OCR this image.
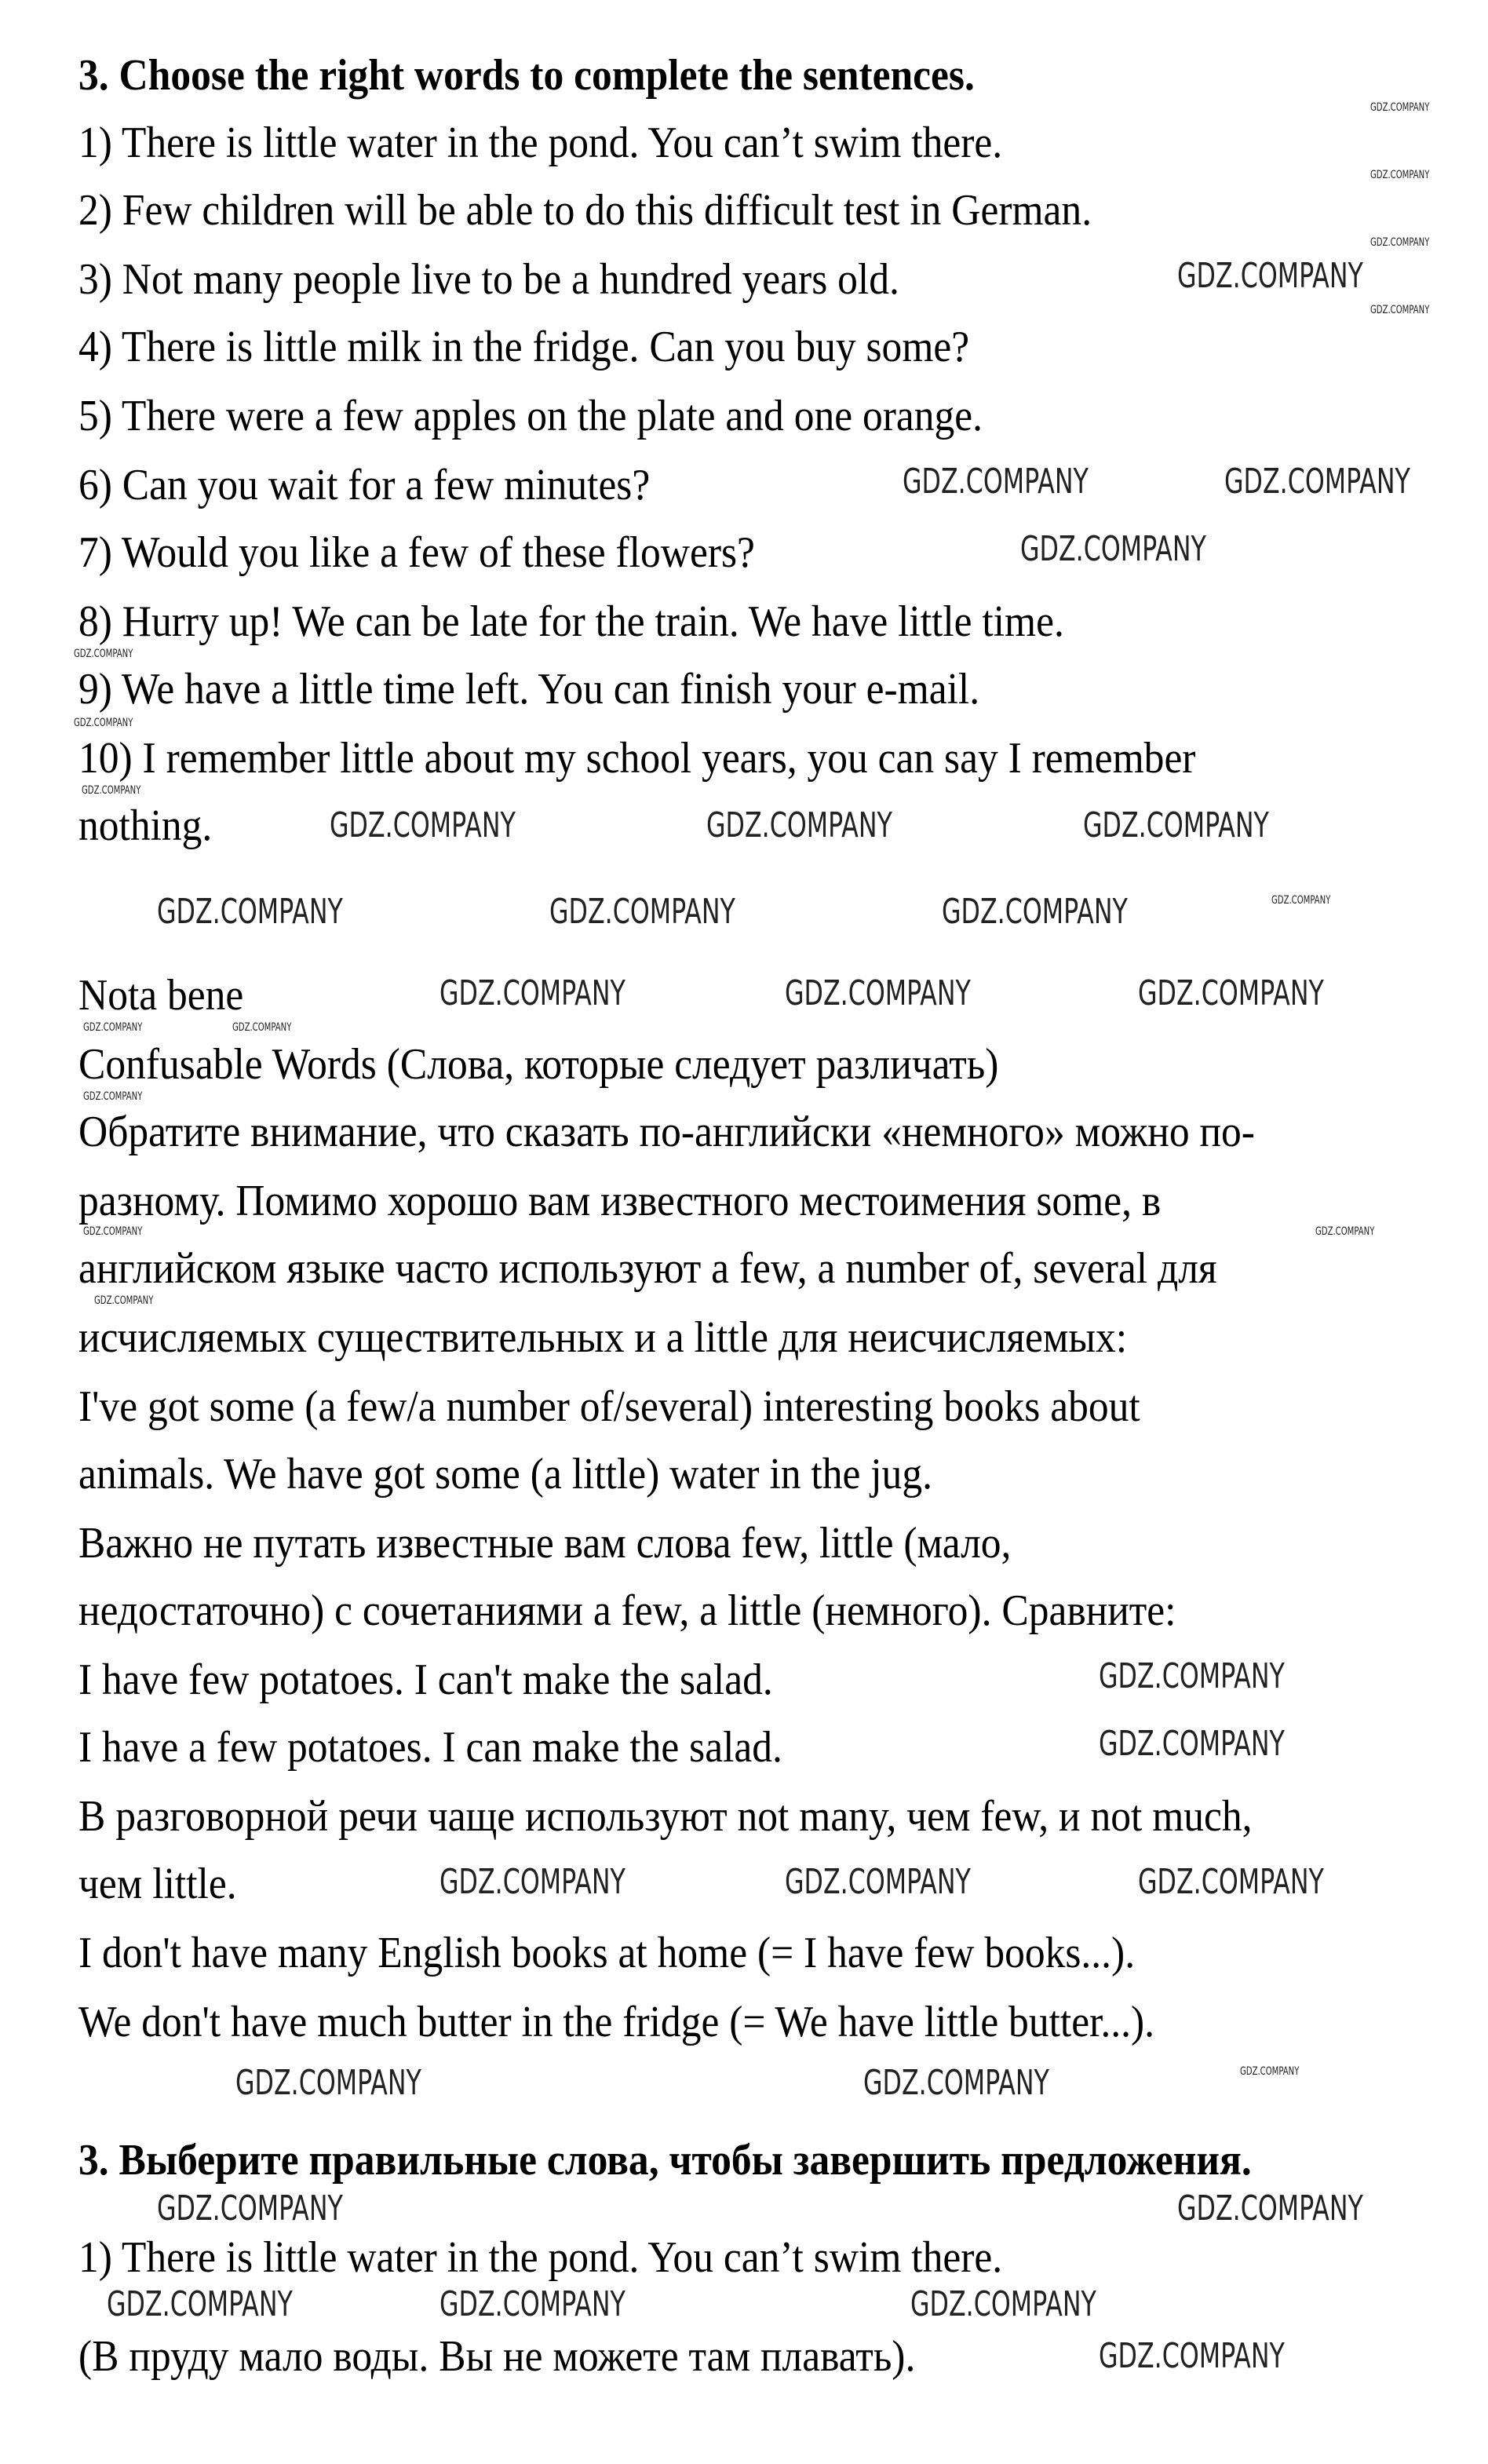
3. Choose the right words to complete the sentences.
1) There is little water in the pond. You can’t swim there.
2) Few children will be able to do this difficult test in German.
3) Not many people live to be a hundred years old.
4) There is little milk in the fridge. Can you buy some?
5) There were a few apples on the plate and one orange.
6) Can you wait for a few minutes?
7) Would you like a few of these flowers?
8) Hurry up! We can be late for the train. We have little time.
9) We have a little time left. You can finish your e-mail.
10) I remember little about my school years, you can say I remember
nothing.
Nota bene
Confusable Words (Слова, которые следует различать)
Обратите внимание, что сказать по-английски «немного» можно по-
разному. Помимо хорошо вам известного местоимения some, в
английском языке часто используют a few, a number of, several для
исчисляемых существительных и a little для неисчисляемых:
I've got some (a few/a number of/several) interesting books about
animals. We have got some (a little) water in the jug.
Важно не путать известные вам слова few, little (мало,
недостаточно) с сочетаниями a few, a little (немного). Сравните:
I have few potatoes. I can't make the salad.
I have a few potatoes. I can make the salad.
В разговорной речи чаще используют not many, чем few, и not much,
чем little.
I don't have many English books at home (= I have few books...).
We don't have much butter in the fridge (= We have little butter...).
3. Выберите правильные слова, чтобы завершить предложения.
1) There is little water in the pond. You can’t swim there.
(В пруду мало воды. Вы не можете там плавать).
GDZ.COMPANY
GDZ.COMPANY	GDZ.COMPANY
GDZ.COMPANY
GDZ.COMPANY	GDZ.COMPANY	GDZ.COMPANY
GDZ.COMPANY	GDZ.COMPANY	GDZ.COMPANY	GDZ.COMPANY
GDZ.COMPANY	GDZ.COMPANY	GDZ.COMPANY
GDZ.COMPANY
GDZ.COMPANY
GDZ.COMPANY	GDZ.COMPANY	GDZ.COMPANY
GDZ.COMPANY	GDZ.COMPANY	GDZ.COMPANY
GDZ.COMPANY	GDZ.COMPANY
GDZ.COMPANY	GDZ.COMPANY	GDZ.COMPANY
GDZ.COMPANY
GDZ.COMPANY
GDZ.COMPANY
GDZ.COMPANY
GDZ.COMPANY
GDZ.COMPANY
GDZ.COMPANY
GDZ.COMPANY
GDZ.COMPANY	GDZ.COMPANY
GDZ.COMPANY
GDZ.COMPANY	GDZ.COMPANY
GDZ.COMPANY
